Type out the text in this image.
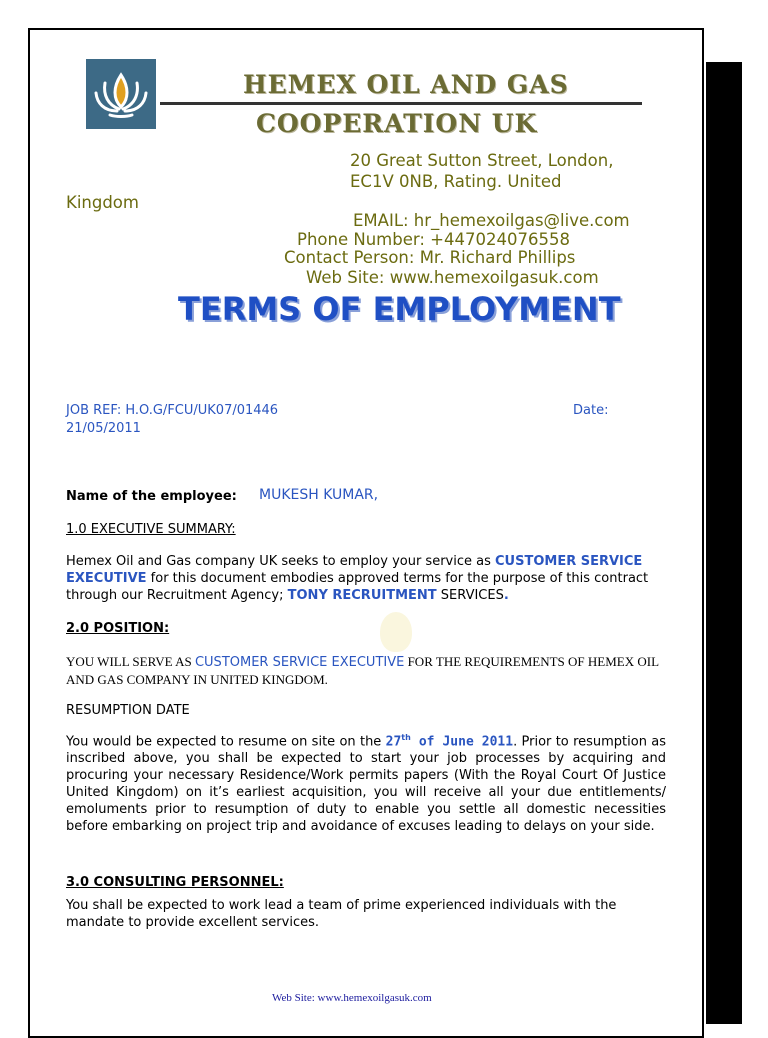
HEMEX OIL AND GAS
COOPERATION UK
20 Great Sutton Street, London,
EC1V 0NB, Rating. United
Kingdom
EMAIL: hr_hemexoilgas@live.com
Phone Number: +447024076558
Contact Person: Mr. Richard Phillips
Web Site: www.hemexoilgasuk.com
TERMS OF EMPLOYMENT
JOB REF: H.O.G/FCU/UK07/01446	Date:
21/05/2011
Name of the employee: MUKESH KUMAR,
1.0 EXECUTIVE SUMMARY:
Hemex Oil and Gas company UK seeks to employ your service as CUSTOMER SERVICE EXECUTIVE for this document embodies approved terms for the purpose of this contract through our Recruitment Agency; TONY RECRUITMENT SERVICES.
2.0 POSITION:
YOU WILL SERVE AS CUSTOMER SERVICE EXECUTIVE FOR THE REQUIREMENTS OF HEMEX OIL AND GAS COMPANY IN UNITED KINGDOM.
RESUMPTION DATE
You would be expected to resume on site on the 27th of June 2011. Prior to resumption as inscribed above, you shall be expected to start your job processes by acquiring and procuring your necessary Residence/Work permits papers (With the Royal Court Of Justice United Kingdom) on it’s earliest acquisition, you will receive all your due entitlements/ emoluments prior to resumption of duty to enable you settle all domestic necessities before embarking on project trip and avoidance of excuses leading to delays on your side.
3.0 CONSULTING PERSONNEL:
You shall be expected to work lead a team of prime experienced individuals with the mandate to provide excellent services.
Web Site: www.hemexoilgasuk.com
